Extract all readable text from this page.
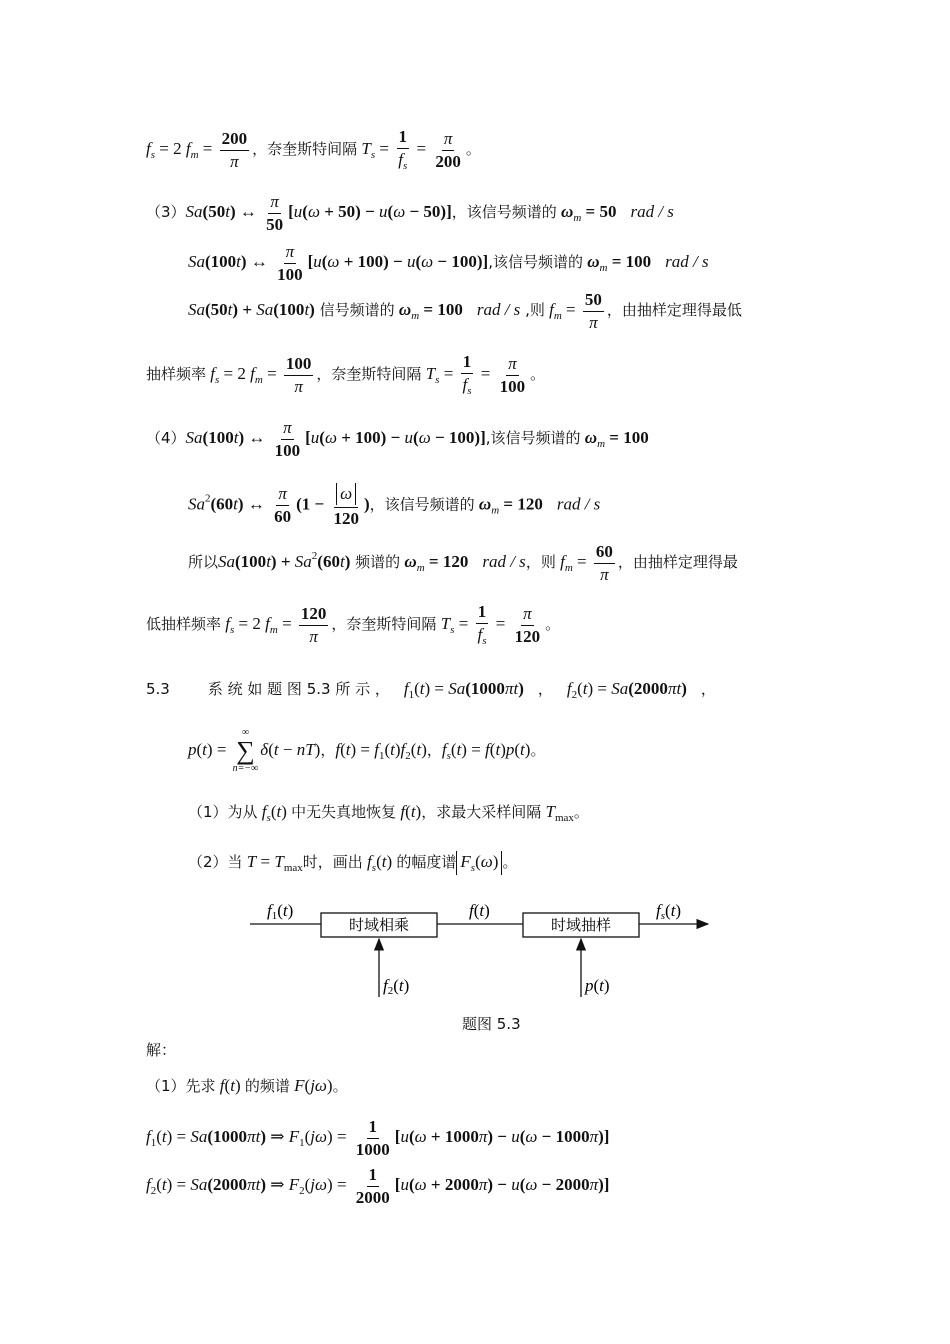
$f_s = 2$ $f_m = \frac{200}{\pi}$ ，奈奎斯特间隔 $T_s = \frac{1}{f_s} = \frac{\pi}{200}$ 。
（3）Sa(50t) ↔ $\frac{\pi}{50} [u(\omega + 50) - u(\omega - 50)]$，该信号频谱的 $\omega_m = 50$ rad / s
Sa(100t) ↔ $\frac{\pi}{100} [u(\omega + 100) - u(\omega - 100)]$,该信号频谱的 $\omega_m = 100$ rad / s
Sa(50t) + Sa(100t) 信号频谱的 $\omega_m = 100$ rad / s ,则 $f_m = \frac{50}{\pi}$ ，由抽样定理得最低
抽样频率 $f_s = 2$ $f_m = \frac{100}{\pi}$ ，奈奎斯特间隔 $T_s = \frac{1}{f_s} = \frac{\pi}{100}$ 。
（4）Sa(100t) ↔ $\frac{\pi}{100} [u(\omega + 100) - u(\omega - 100)]$,该信号频谱的 $\omega_m = 100$
Sa$^2$(60t) ↔ $\frac{\pi}{60} (1 - \frac{\omega}{120}$ )，该信号频谱的 $\omega_m = 120$ rad / s
所以$Sa(100t) + Sa^2(60t)$ 频谱的 $\omega_m = 120$ rad / s，则 $f_m = \frac{60}{\pi}$ ，由抽样定理得最
低抽样频率 $f_s = 2$ $f_m = \frac{120}{\pi}$ ，奈奎斯特间隔 $T_s = \frac{1}{f_s} = \frac{\pi}{120}$ 。
5.3	系 统 如 题 图 5.3 所 示 ， $f_1(t) = Sa(1000\pi t)$ ， $f_2(t) = Sa(2000\pi t)$ ，
p(t) =
∞
∑
n=−∞
δ(t − nT)，$f(t) = f_1(t)f_2(t)$，$f_s(t) = f(t)p(t)$。
（1）为从 $f_s(t)$ 中无失真地恢复 f(t)，求最大采样间隔 $T_{max}$。
（2）当 $T = T_{max}$时，画出 $f_s(t)$ 的幅度谱 $F_s(\omega)$ 。
f1(t)
时域相乘
f(t)
时域抽样
fs(t)
f2(t)	p(t)
题图 5.3
解：
（1）先求 f(t) 的频谱 F(jω)。
$f_1(t) = Sa(1000\pi t)$ ⇒ $F_1(j\omega) = \frac{1}{1000} [u(\omega + 1000\pi) - u(\omega - 1000\pi)]$
$f_2(t) = Sa(2000\pi t)$ ⇒ $F_2(j\omega) = \frac{1}{2000} [u(\omega + 2000\pi) - u(\omega - 2000\pi)]$
